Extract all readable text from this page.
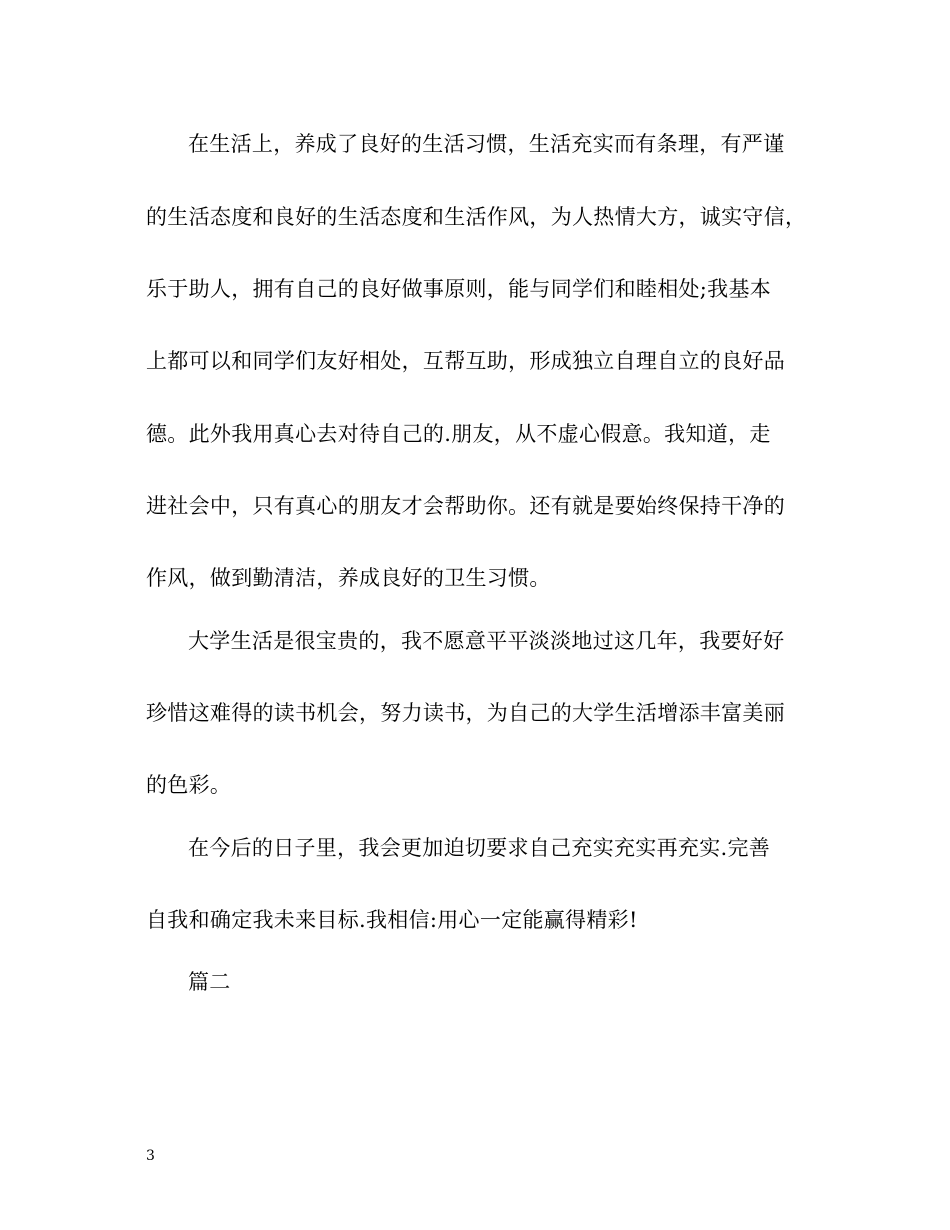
在生活上，养成了良好的生活习惯，生活充实而有条理，有严谨
的生活态度和良好的生活态度和生活作风，为人热情大方，诚实守信，
乐于助人，拥有自己的良好做事原则，能与同学们和睦相处;我基本
上都可以和同学们友好相处，互帮互助，形成独立自理自立的良好品
德。此外我用真心去对待自己的.朋友，从不虚心假意。我知道，走
进社会中，只有真心的朋友才会帮助你。还有就是要始终保持干净的
作风，做到勤清洁，养成良好的卫生习惯。
大学生活是很宝贵的，我不愿意平平淡淡地过这几年，我要好好
珍惜这难得的读书机会，努力读书，为自己的大学生活增添丰富美丽
的色彩。
在今后的日子里，我会更加迫切要求自己充实充实再充实.完善
自我和确定我未来目标.我相信:用心一定能赢得精彩!
篇二
3
